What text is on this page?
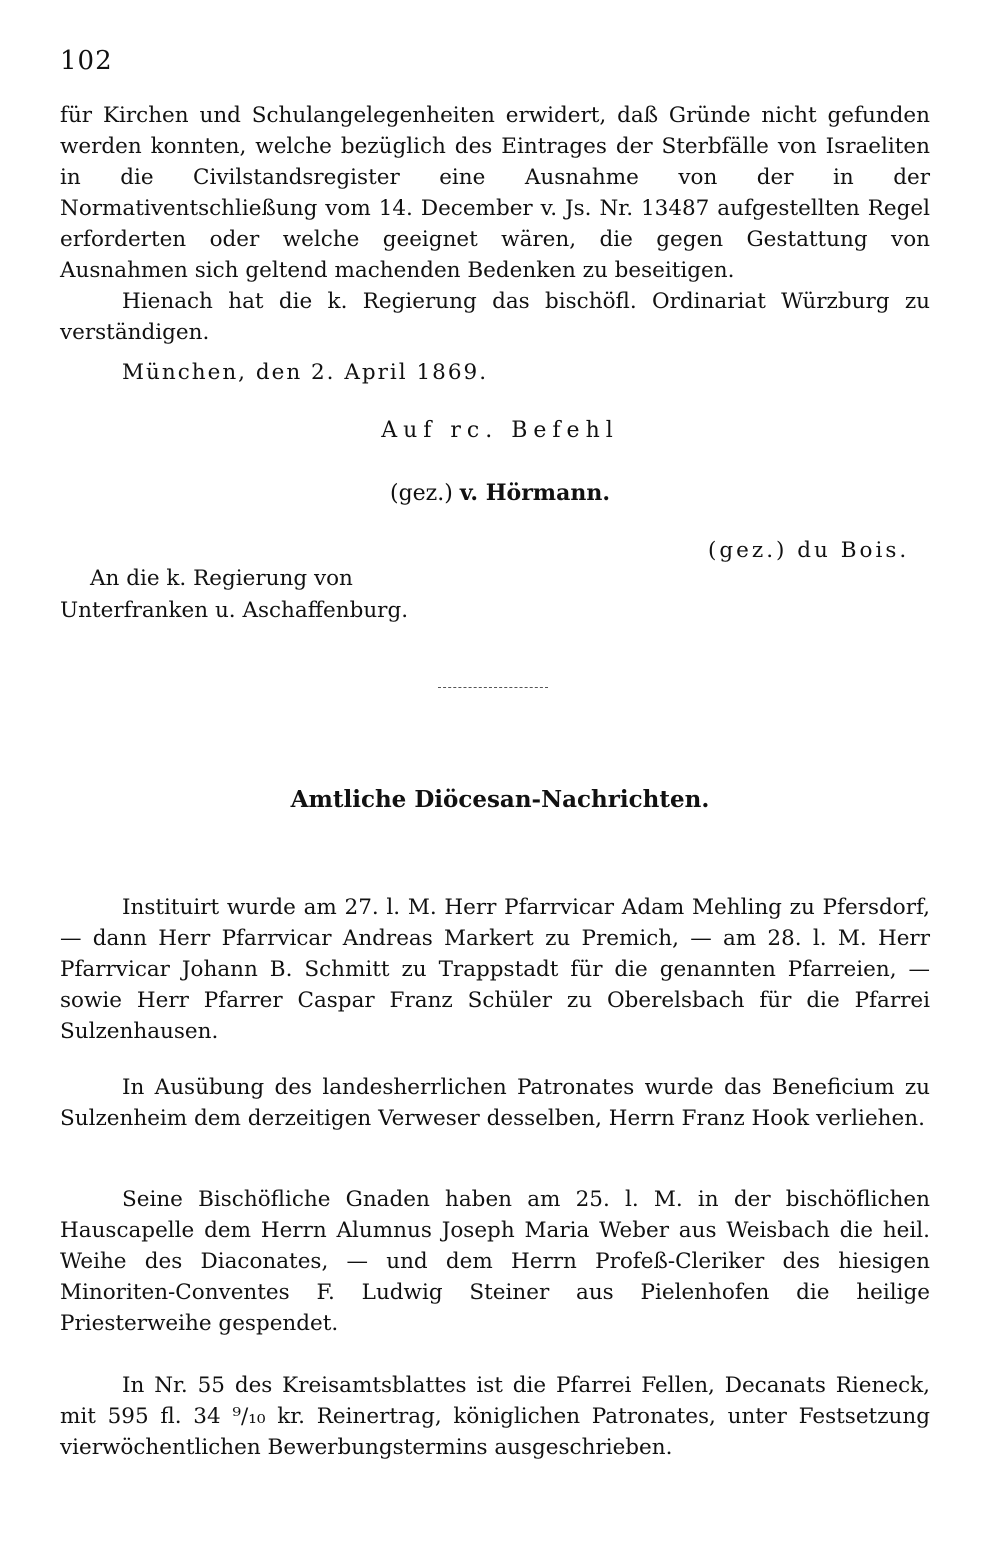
102
für Kirchen und Schulangelegenheiten erwidert, daß Gründe nicht gefunden werden konnten, welche bezüglich des Eintrages der Sterbfälle von Israeliten in die Civilstandsregister eine Ausnahme von der in der Normativentschließung vom 14. December v. Js. Nr. 13487 aufgestellten Regel erforderten oder welche geeignet wären, die gegen Gestattung von Ausnahmen sich geltend machenden Bedenken zu beseitigen.
Hienach hat die k. Regierung das bischöfl. Ordinariat Würzburg zu verständigen.
München, den 2. April 1869.
Auf rc. Befehl
(gez.) v. Hörmann.
(gez.) du Bois.
An die k. Regierung von
Unterfranken u. Aschaffenburg.
Amtliche Diöcesan-Nachrichten.
Instituirt wurde am 27. l. M. Herr Pfarrvicar Adam Mehling zu Pfersdorf, — dann Herr Pfarrvicar Andreas Markert zu Premich, — am 28. l. M. Herr Pfarrvicar Johann B. Schmitt zu Trappstadt für die genannten Pfarreien, — sowie Herr Pfarrer Caspar Franz Schüler zu Oberelsbach für die Pfarrei Sulzenhausen.
In Ausübung des landesherrlichen Patronates wurde das Beneficium zu Sulzenheim dem derzeitigen Verweser desselben, Herrn Franz Hook verliehen.
Seine Bischöfliche Gnaden haben am 25. l. M. in der bischöflichen Hauscapelle dem Herrn Alumnus Joseph Maria Weber aus Weisbach die heil. Weihe des Diaconates, — und dem Herrn Profeß-Cleriker des hiesigen Minoriten-Conventes F. Ludwig Steiner aus Pielenhofen die heilige Priesterweihe gespendet.
In Nr. 55 des Kreisamtsblattes ist die Pfarrei Fellen, Decanats Rieneck, mit 595 fl. 34 ⁹/₁₀ kr. Reinertrag, königlichen Patronates, unter Festsetzung vierwöchentlichen Bewerbungstermins ausgeschrieben.
